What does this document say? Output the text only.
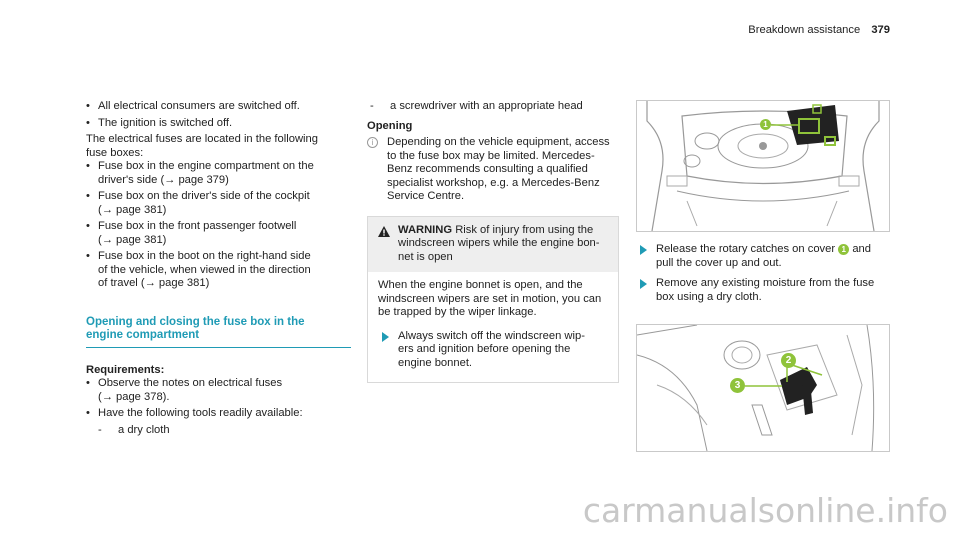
Breakdown assistance 379
• All electrical consumers are switched off.
• The ignition is switched off.
The electrical fuses are located in the following
fuse boxes:
• Fuse box in the engine compartment on the
driver's side (→ page 379)
• Fuse box on the driver's side of the cockpit
(→ page 381)
• Fuse box in the front passenger footwell
(→ page 381)
• Fuse box in the boot on the right-hand side
of the vehicle, when viewed in the direction
of travel (→ page 381)
Opening and closing the fuse box in the
engine compartment
Requirements:
• Observe the notes on electrical fuses
(→ page 378).
• Have the following tools readily available:
- a dry cloth
- a screwdriver with an appropriate head
Opening
i	Depending on the vehicle equipment, access
to the fuse box may be limited. Mercedes-
Benz recommends consulting a qualified
specialist workshop, e.g. a Mercedes-Benz
Service Centre.
WARNING Risk of injury from using the
windscreen wipers while the engine bon-
net is open
When the engine bonnet is open, and the
windscreen wipers are set in motion, you can
be trapped by the wiper linkage.
Always switch off the windscreen wip-
ers and ignition before opening the
engine bonnet.
1
Release the rotary catches on cover 1 and
pull the cover up and out.
Remove any existing moisture from the fuse
box using a dry cloth.
2
3
carmanualsonline.info
